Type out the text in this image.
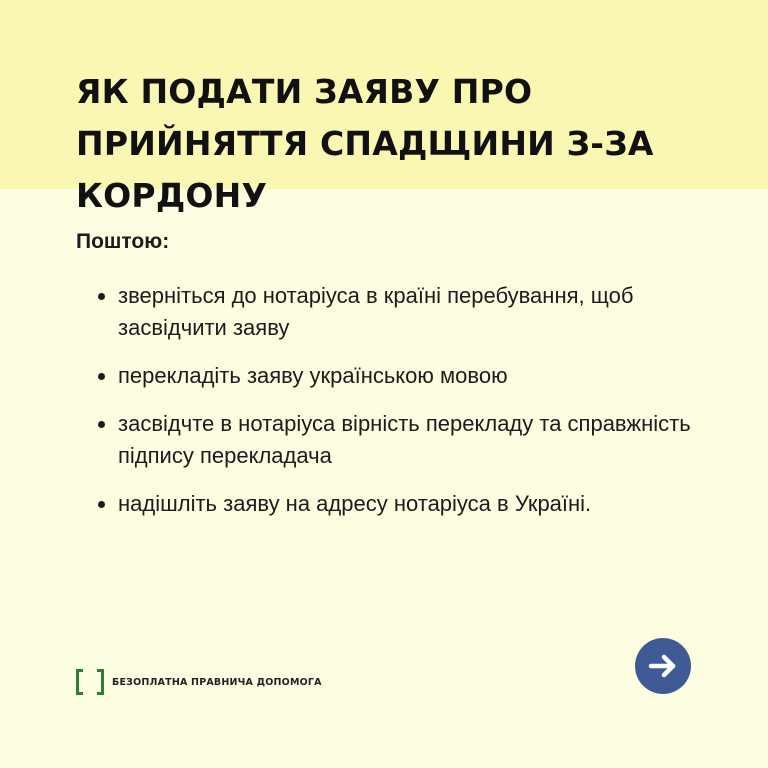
ЯК ПОДАТИ ЗАЯВУ ПРО ПРИЙНЯТТЯ СПАДЩИНИ З-ЗА КОРДОНУ

Поштою:

зверніться до нотаріуса в країні перебування, щоб засвідчити заяву
перекладіть заяву українською мовою
засвідчте в нотаріуса вірність перекладу та справжність підпису перекладача
надішліть заяву на адресу нотаріуса в Україні.
БЕЗОПЛАТНА ПРАВНИЧА ДОПОМОГА
